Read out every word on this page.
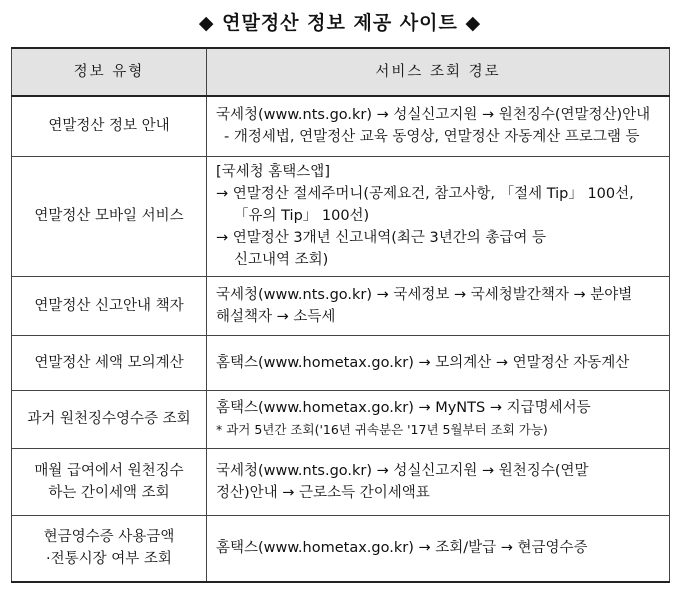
◆ 연말정산 정보 제공 사이트 ◆
정보 유형	서비스 조회 경로

연말정산 정보 안내	국세청(www.nts.go.kr) → 성실신고지원 → 원천징수(연말정산)안내
- 개정세법, 연말정산 교육 동영상, 연말정산 자동계산 프로그램 등

연말정산 모바일 서비스	[국세청 홈택스앱]
→ 연말정산 절세주머니(공제요건, 참고사항, 「절세 Tip」 100선,
「유의 Tip」 100선)
→ 연말정산 3개년 신고내역(최근 3년간의 총급여 등
신고내역 조회)

연말정산 신고안내 책자	국세청(www.nts.go.kr) → 국세정보 → 국세청발간책자 → 분야별
해설책자 → 소득세

연말정산 세액 모의계산	홈택스(www.hometax.go.kr) → 모의계산 → 연말정산 자동계산

과거 원천징수영수증 조회	홈택스(www.hometax.go.kr) → MyNTS → 지급명세서등
* 과거 5년간 조회('16년 귀속분은 '17년 5월부터 조회 가능)

매월 급여에서 원천징수
하는 간이세액 조회	국세청(www.nts.go.kr) → 성실신고지원 → 원천징수(연말
정산)안내 → 근로소득 간이세액표

현금영수증 사용금액
·전통시장 여부 조회	홈택스(www.hometax.go.kr) → 조회/발급 → 현금영수증
